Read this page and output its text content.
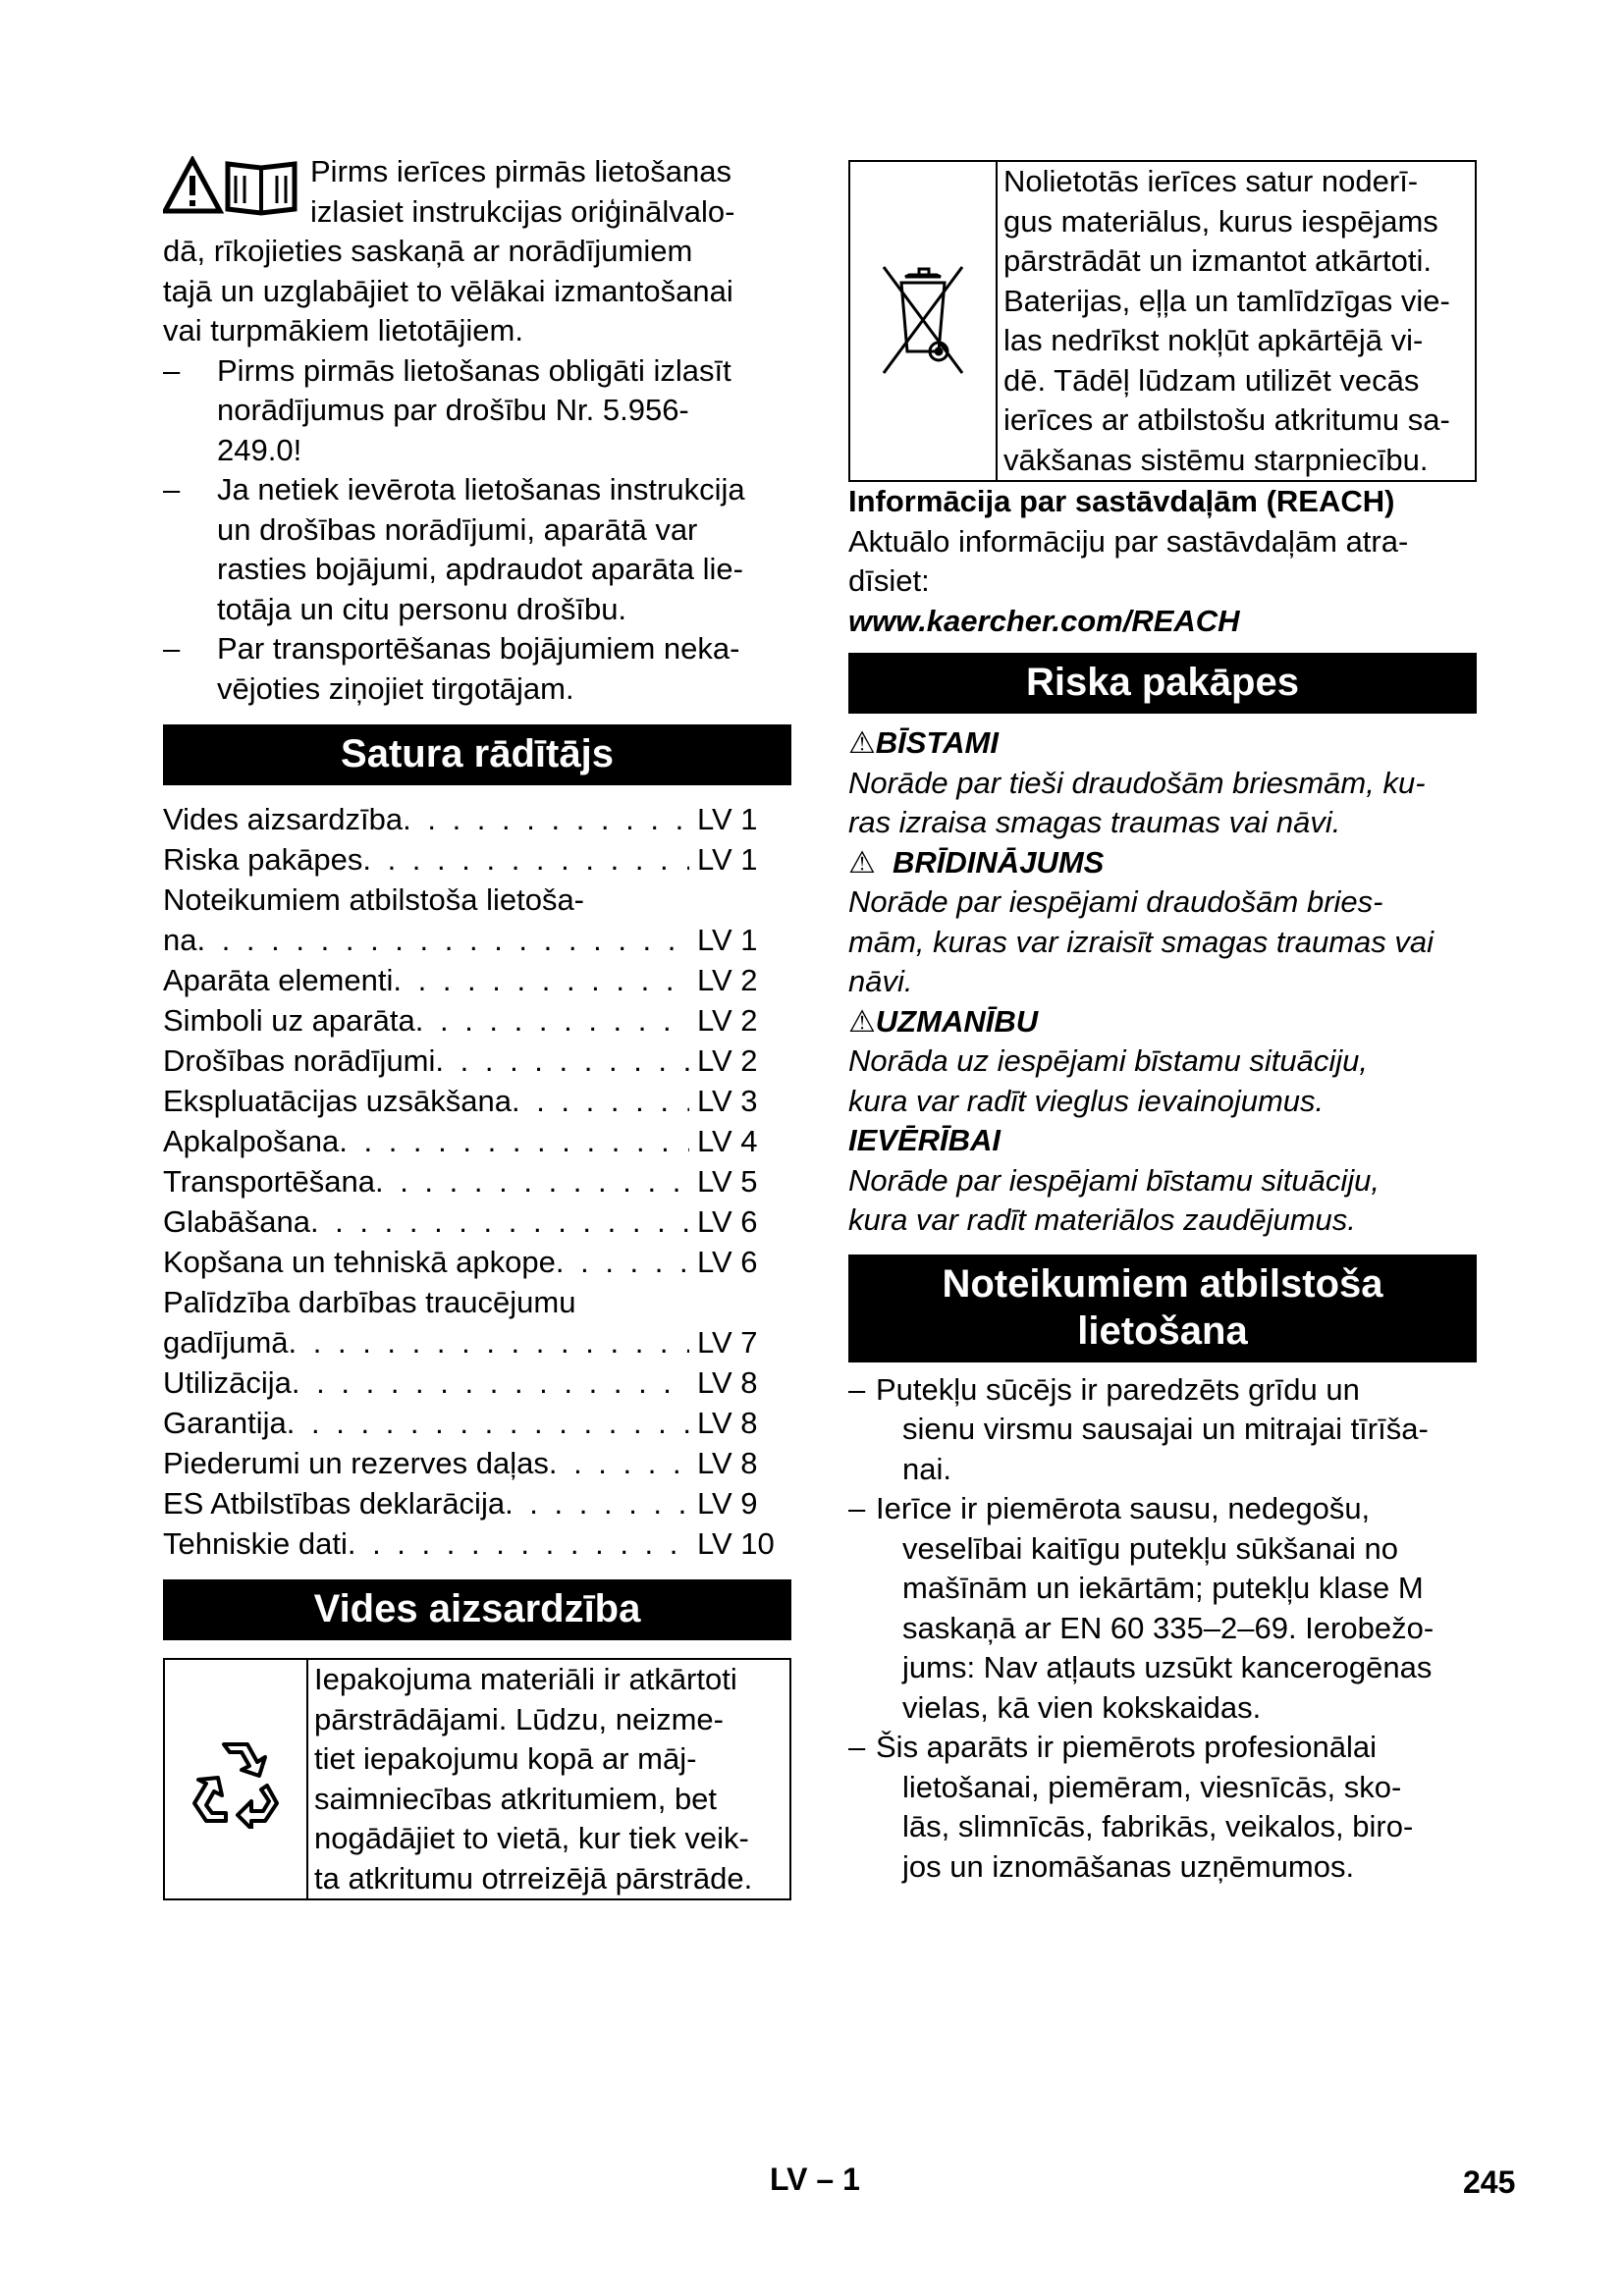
Pirms ierīces pirmās lietošanas
izlasiet instrukcijas oriģinālvalo-
dā, rīkojieties saskaņā ar norādījumiem
tajā un uzglabājiet to vēlākai izmantošanai
vai turpmākiem lietotājiem.

–	Pirms pirmās lietošanas obligāti izlasīt
norādījumus par drošību Nr. 5.956-
249.0!
–	Ja netiek ievērota lietošanas instrukcija
un drošības norādījumi, aparātā var
rasties bojājumi, apdraudot aparāta lie-
totāja un citu personu drošību.
–	Par transportēšanas bojājumiem neka-
vējoties ziņojiet tirgotājam.
Satura rādītājs
Vides aizsardzība . . .	LV 1
Riska pakāpes . . .	LV 1
Noteikumiem atbilstoša lietoša-
na . . .	LV 1
Aparāta elementi . . .	LV 2
Simboli uz aparāta . . .	LV 2
Drošības norādījumi . . .	LV 2
Ekspluatācijas uzsākšana . . .	LV 3
Apkalpošana . . .	LV 4
Transportēšana . . .	LV 5
Glabāšana . . .	LV 6
Kopšana un tehniskā apkope . . .	LV 6
Palīdzība darbības traucējumu
gadījumā . . .	LV 7
Utilizācija . . .	LV 8
Garantija . . .	LV 8
Piederumi un rezerves daļas . . .	LV 8
ES Atbilstības deklarācija . . .	LV 9
Tehniskie dati . . .	LV 10
Vides aizsardzība
Iepakojuma materiāli ir atkārtoti
pārstrādājami. Lūdzu, neizme-
tiet iepakojumu kopā ar māj-
saimniecības atkritumiem, bet
nogādājiet to vietā, kur tiek veik-
ta atkritumu otrreizējā pārstrāde.
Nolietotās ierīces satur noderī-
gus materiālus, kurus iespējams
pārstrādāt un izmantot atkārtoti.
Baterijas, eļļa un tamlīdzīgas vie-
las nedrīkst nokļūt apkārtējā vi-
dē. Tādēļ lūdzam utilizēt vecās
ierīces ar atbilstošu atkritumu sa-
vākšanas sistēmu starpniecību.

Informācija par sastāvdaļām (REACH)

Aktuālo informāciju par sastāvdaļām atra-

dīsiet:

www.kaercher.com/REACH

Riska pakāpes

⚠BĪSTAMI

Norāde par tieši draudošām briesmām, ku-
ras izraisa smagas traumas vai nāvi.

⚠ BRĪDINĀJUMS

Norāde par iespējami draudošām bries-
mām, kuras var izraisīt smagas traumas vai
nāvi.

⚠UZMANĪBU

Norāda uz iespējami bīstamu situāciju,
kura var radīt vieglus ievainojumus.

IEVĒRĪBAI

Norāde par iespējami bīstamu situāciju,
kura var radīt materiālos zaudējumus.

Noteikumiem atbilstoša
lietošana
– Putekļu sūcējs ir paredzēts grīdu un
sienu virsmu sausajai un mitrajai tīrīša-
nai.
– Ierīce ir piemērota sausu, nedegošu,
veselībai kaitīgu putekļu sūkšanai no
mašīnām un iekārtām; putekļu klase M
saskaņā ar EN 60 335–2–69. Ierobežo-
jums: Nav atļauts uzsūkt kancerogēnas
vielas, kā vien kokskaidas.
– Šis aparāts ir piemērots profesionālai
lietošanai, piemēram, viesnīcās, sko-
lās, slimnīcās, fabrikās, veikalos, biro-
jos un iznomāšanas uzņēmumos.
LV – 1	245
